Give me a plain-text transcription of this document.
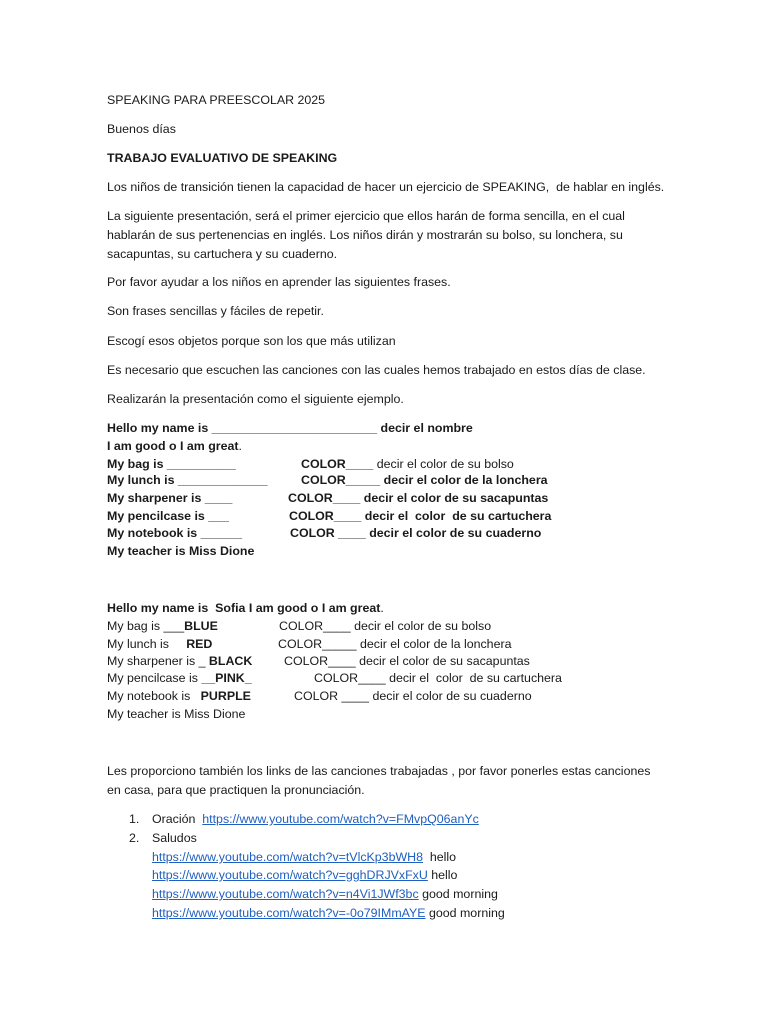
SPEAKING PARA PREESCOLAR 2025
Buenos días
TRABAJO EVALUATIVO DE SPEAKING
Los niños de transición tienen la capacidad de hacer un ejercicio de SPEAKING,  de hablar en inglés.
La siguiente presentación, será el primer ejercicio que ellos harán de forma sencilla, en el cual
hablarán de sus pertenencias en inglés. Los niños dirán y mostrarán su bolso, su lonchera, su
sacapuntas, su cartuchera y su cuaderno.
Por favor ayudar a los niños en aprender las siguientes frases.
Son frases sencillas y fáciles de repetir.
Escogí esos objetos porque son los que más utilizan
Es necesario que escuchen las canciones con las cuales hemos trabajado en estos días de clase.
Realizarán la presentación como el siguiente ejemplo.
Hello my name is ________________________ decir el nombre
I am good o I am great.
My bag is __________	COLOR____ decir el color de su bolso
My lunch is _____________	COLOR_____ decir el color de la lonchera
My sharpener is ____	COLOR____ decir el color de su sacapuntas
My pencilcase is ___	COLOR____ decir el  color  de su cartuchera
My notebook is ______	COLOR ____ decir el color de su cuaderno
My teacher is Miss Dione
Hello my name is  Sofia I am good o I am great.
My bag is ___BLUE	COLOR____ decir el color de su bolso
My lunch is     RED	COLOR_____ decir el color de la lonchera
My sharpener is _ BLACK	COLOR____ decir el color de su sacapuntas
My pencilcase is __PINK_	COLOR____ decir el  color  de su cartuchera
My notebook is   PURPLE	COLOR ____ decir el color de su cuaderno
My teacher is Miss Dione
Les proporciono también los links de las canciones trabajadas , por favor ponerles estas canciones
en casa, para que practiquen la pronunciación.
1. Oración https://www.youtube.com/watch?v=FMvpQ06anYc
2. Saludos
https://www.youtube.com/watch?v=tVlcKp3bWH8  hello
https://www.youtube.com/watch?v=gghDRJVxFxU hello
https://www.youtube.com/watch?v=n4Vi1JWf3bc good morning
https://www.youtube.com/watch?v=-0o79IMmAYE good morning
